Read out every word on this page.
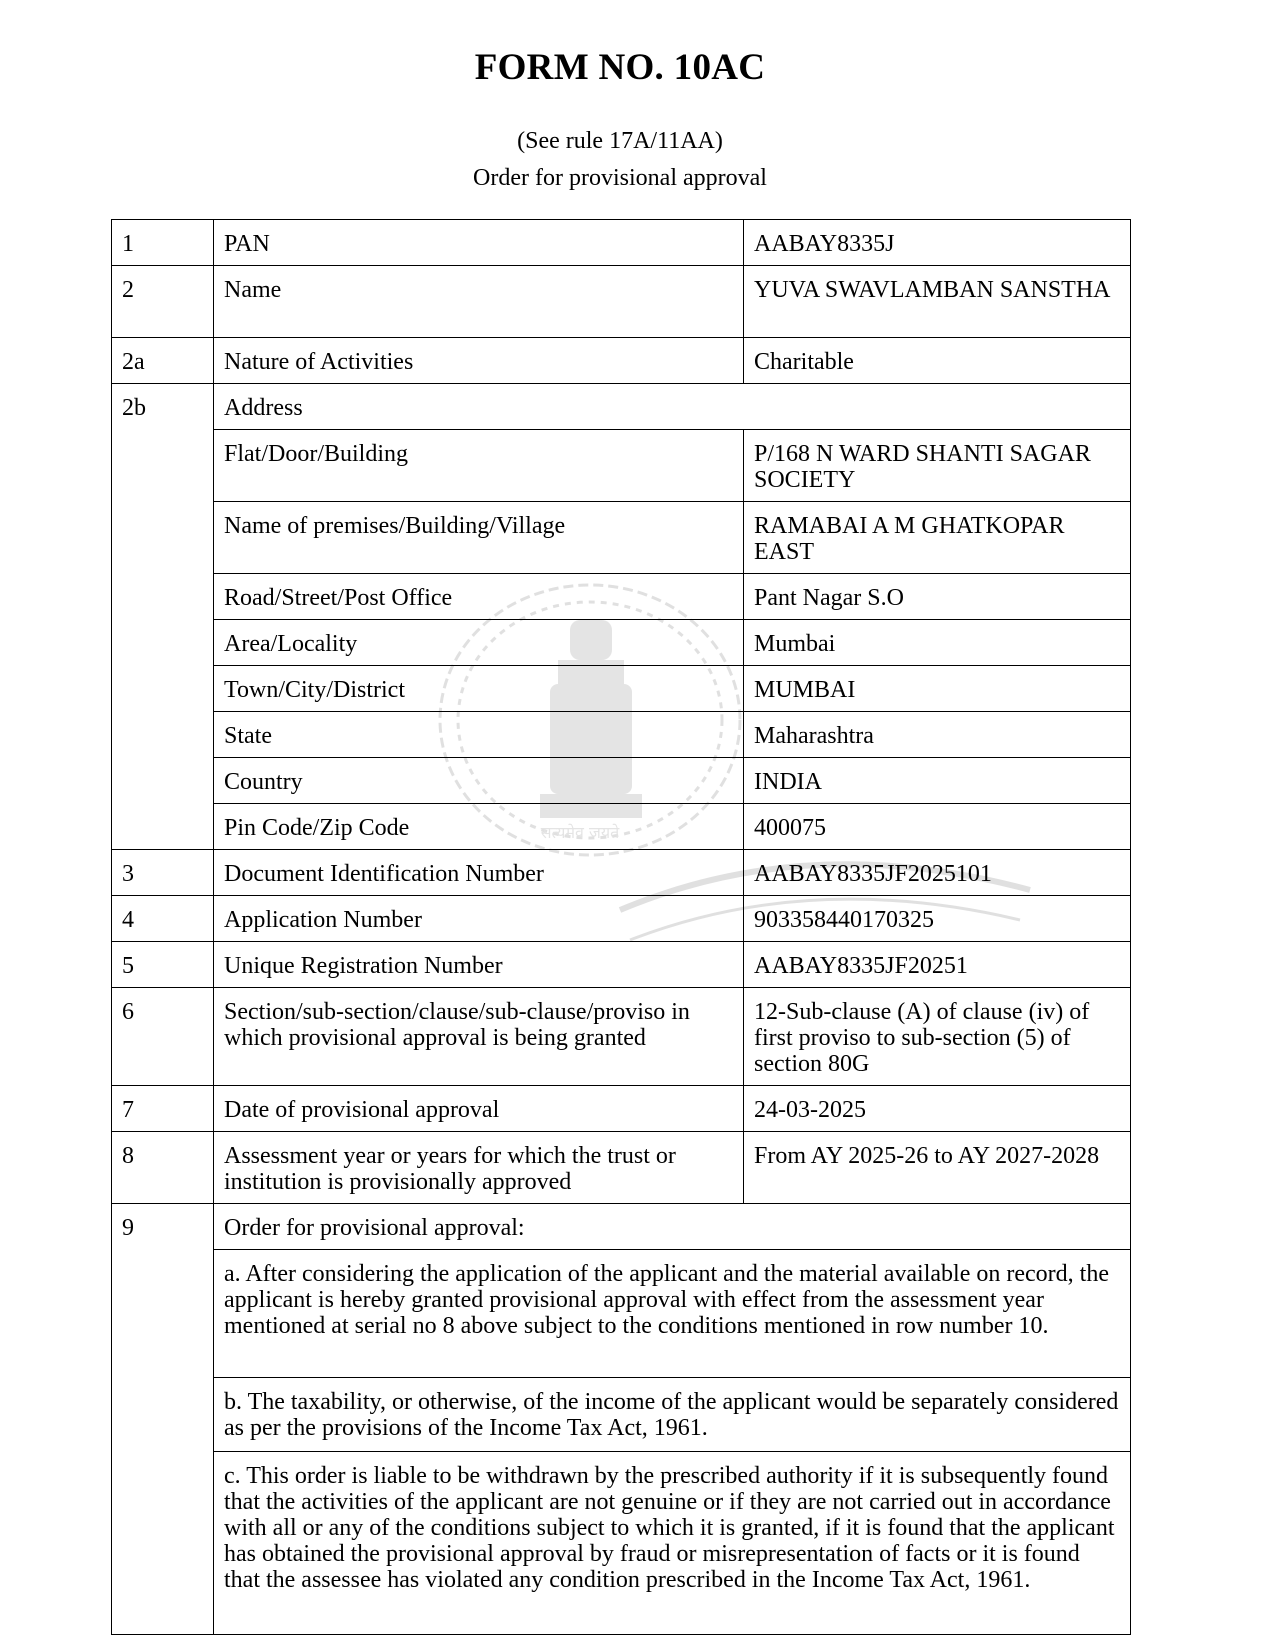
FORM NO. 10AC
(See rule 17A/11AA)
Order for provisional approval
सत्यमेव जयते
1	PAN	AABAY8335J
2	Name	YUVA SWAVLAMBAN SANSTHA
2a	Nature of Activities	Charitable
2b	Address	
	Flat/Door/Building	P/168 N WARD SHANTI SAGAR SOCIETY
	Name of premises/Building/Village	RAMABAI A M GHATKOPAR EAST
	Road/Street/Post Office	Pant Nagar S.O
	Area/Locality	Mumbai
	Town/City/District	MUMBAI
	State	Maharashtra
	Country	INDIA
	Pin Code/Zip Code	400075
3	Document Identification Number	AABAY8335JF2025101
4	Application Number	903358440170325
5	Unique Registration Number	AABAY8335JF20251
6	Section/sub-section/clause/sub-clause/proviso in which provisional approval is being granted	12-Sub-clause (A) of clause (iv) of first proviso to sub-section (5) of section 80G
7	Date of provisional approval	24-03-2025
8	Assessment year or years for which the trust or institution is provisionally approved	From AY 2025-26 to AY 2027-2028
9	Order for provisional approval:	
	a. After considering the application of the applicant and the material available on record, the applicant is hereby granted provisional approval with effect from the assessment year mentioned at serial no 8 above subject to the conditions mentioned in row number 10.	
	b. The taxability, or otherwise, of the income of the applicant would be separately considered as per the provisions of the Income Tax Act, 1961.	
	c. This order is liable to be withdrawn by the prescribed authority if it is subsequently found that the activities of the applicant are not genuine or if they are not carried out in accordance with all or any of the conditions subject to which it is granted, if it is found that the applicant has obtained the provisional approval by fraud or misrepresentation of facts or it is found that the assessee has violated any condition prescribed in the Income Tax Act, 1961.	
